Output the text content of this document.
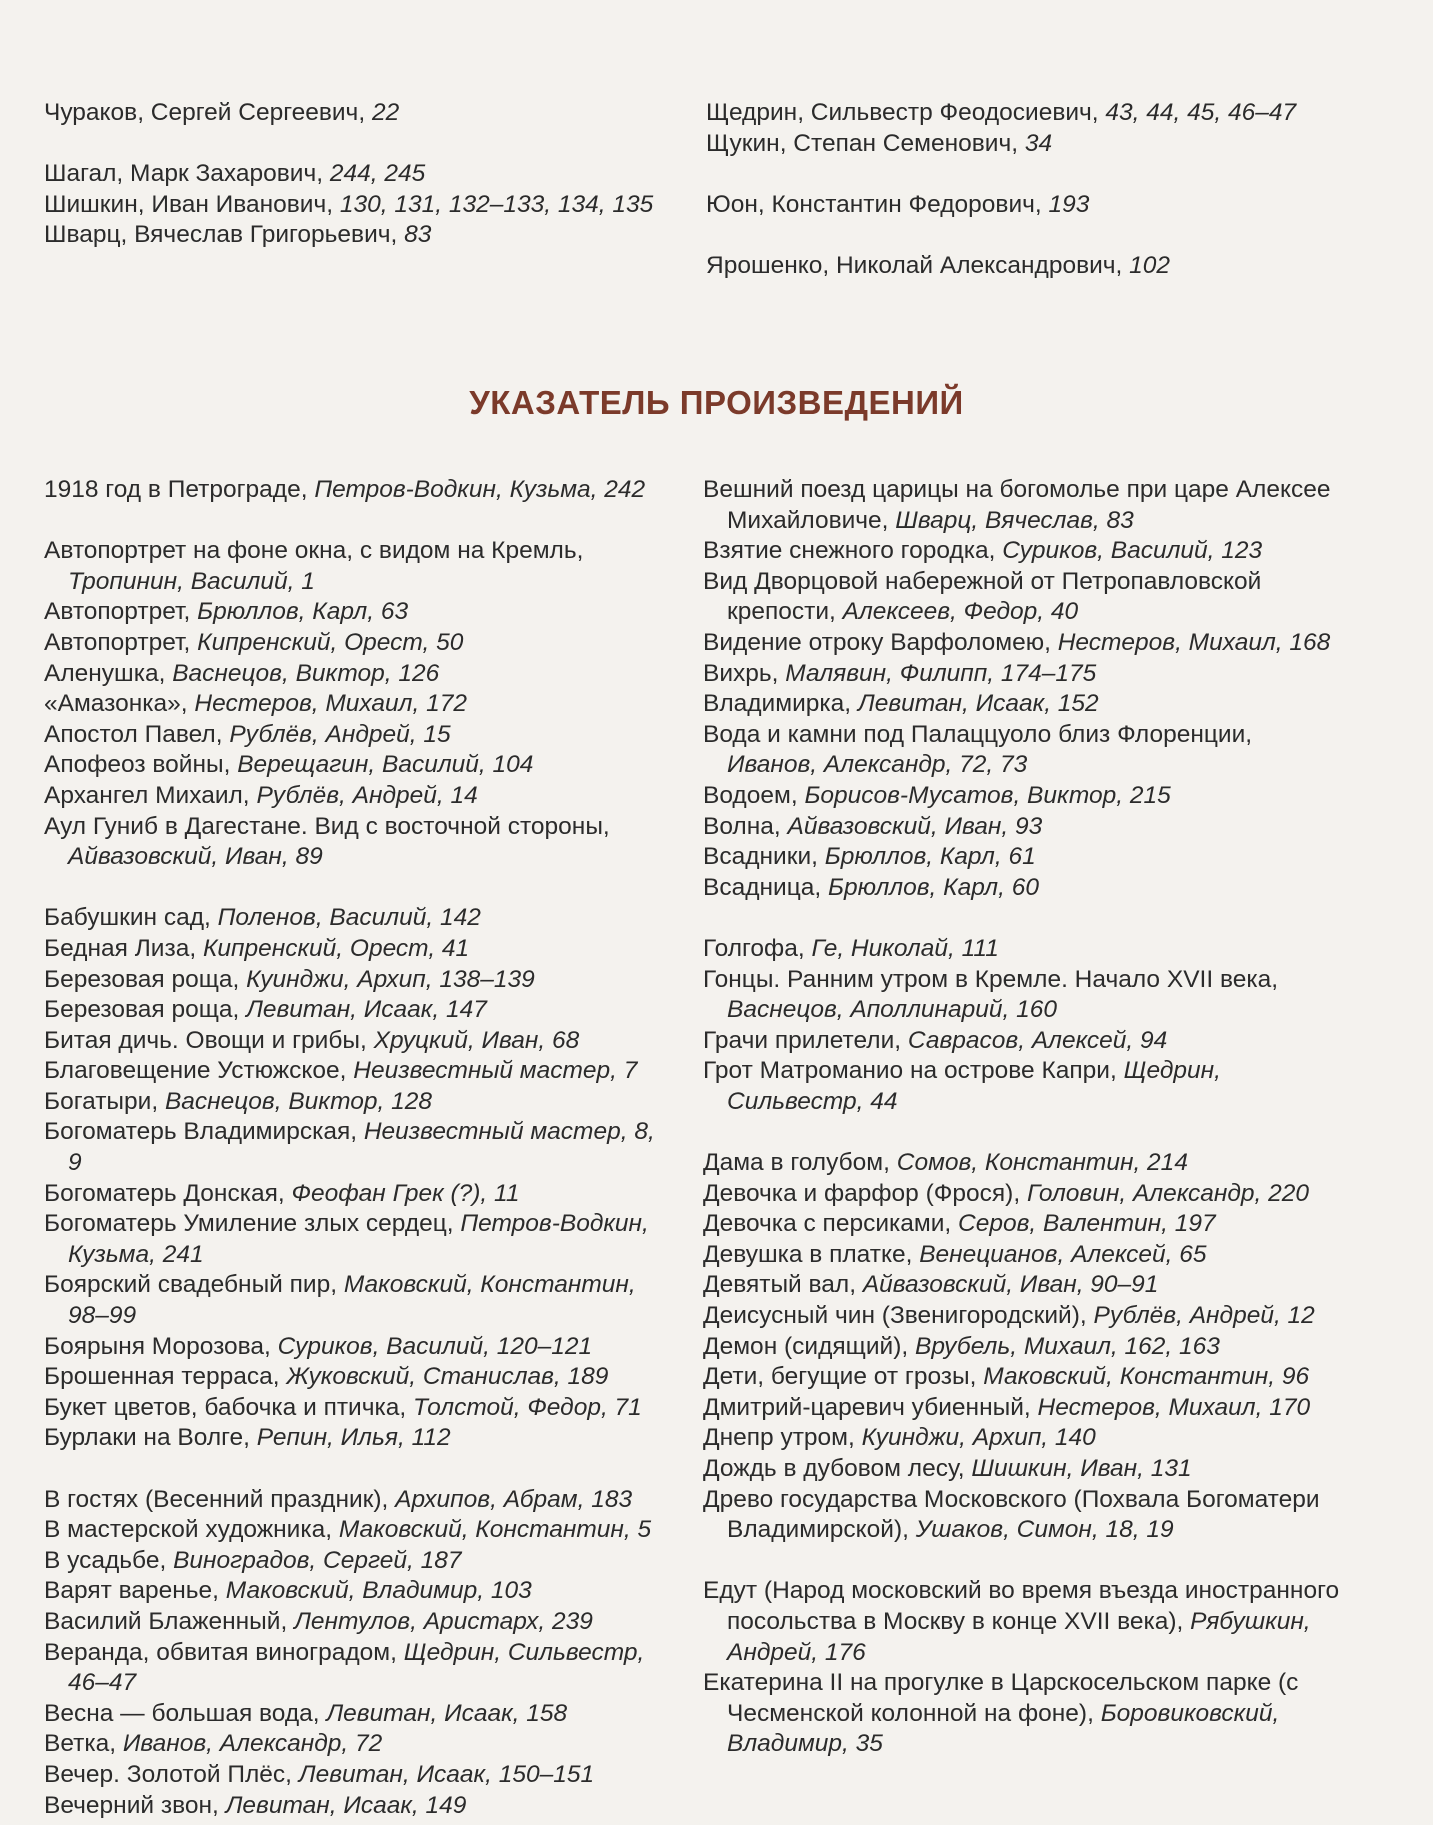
Чураков, Сергей Сергеевич, 22
Шагал, Марк Захарович, 244, 245
Шишкин, Иван Иванович, 130, 131, 132–133, 134, 135
Шварц, Вячеслав Григорьевич, 83
Щедрин, Сильвестр Феодосиевич, 43, 44, 45, 46–47
Щукин, Степан Семенович, 34
Юон, Константин Федорович, 193
Ярошенко, Николай Александрович, 102
УКАЗАТЕЛЬ ПРОИЗВЕДЕНИЙ
1918 год в Петрограде, Петров-Водкин, Кузьма, 242
Автопортрет на фоне окна, с видом на Кремль, Тропинин, Василий, 1
Автопортрет, Брюллов, Карл, 63
Автопортрет, Кипренский, Орест, 50
Аленушка, Васнецов, Виктор, 126
«Амазонка», Нестеров, Михаил, 172
Апостол Павел, Рублёв, Андрей, 15
Апофеоз войны, Верещагин, Василий, 104
Архангел Михаил, Рублёв, Андрей, 14
Аул Гуниб в Дагестане. Вид с восточной стороны, Айвазовский, Иван, 89
Бабушкин сад, Поленов, Василий, 142
Бедная Лиза, Кипренский, Орест, 41
Березовая роща, Куинджи, Архип, 138–139
Березовая роща, Левитан, Исаак, 147
Битая дичь. Овощи и грибы, Хруцкий, Иван, 68
Благовещение Устюжское, Неизвестный мастер, 7
Богатыри, Васнецов, Виктор, 128
Богоматерь Владимирская, Неизвестный мастер, 8, 9
Богоматерь Донская, Феофан Грек (?), 11
Богоматерь Умиление злых сердец, Петров-Водкин, Кузьма, 241
Боярский свадебный пир, Маковский, Константин, 98–99
Боярыня Морозова, Суриков, Василий, 120–121
Брошенная терраса, Жуковский, Станислав, 189
Букет цветов, бабочка и птичка, Толстой, Федор, 71
Бурлаки на Волге, Репин, Илья, 112
В гостях (Весенний праздник), Архипов, Абрам, 183
В мастерской художника, Маковский, Константин, 5
В усадьбе, Виноградов, Сергей, 187
Варят варенье, Маковский, Владимир, 103
Василий Блаженный, Лентулов, Аристарх, 239
Веранда, обвитая виноградом, Щедрин, Сильвестр, 46–47
Весна — большая вода, Левитан, Исаак, 158
Ветка, Иванов, Александр, 72
Вечер. Золотой Плёс, Левитан, Исаак, 150–151
Вечерний звон, Левитан, Исаак, 149
Вешний поезд царицы на богомолье при царе Алексее Михайловиче, Шварц, Вячеслав, 83
Взятие снежного городка, Суриков, Василий, 123
Вид Дворцовой набережной от Петропавловской крепости, Алексеев, Федор, 40
Видение отроку Варфоломею, Нестеров, Михаил, 168
Вихрь, Малявин, Филипп, 174–175
Владимирка, Левитан, Исаак, 152
Вода и камни под Палаццуоло близ Флоренции, Иванов, Александр, 72, 73
Водоем, Борисов-Мусатов, Виктор, 215
Волна, Айвазовский, Иван, 93
Всадники, Брюллов, Карл, 61
Всадница, Брюллов, Карл, 60
Голгофа, Ге, Николай, 111
Гонцы. Ранним утром в Кремле. Начало XVII века, Васнецов, Аполлинарий, 160
Грачи прилетели, Саврасов, Алексей, 94
Грот Матроманио на острове Капри, Щедрин, Сильвестр, 44
Дама в голубом, Сомов, Константин, 214
Девочка и фарфор (Фрося), Головин, Александр, 220
Девочка с персиками, Серов, Валентин, 197
Девушка в платке, Венецианов, Алексей, 65
Девятый вал, Айвазовский, Иван, 90–91
Деисусный чин (Звенигородский), Рублёв, Андрей, 12
Демон (сидящий), Врубель, Михаил, 162, 163
Дети, бегущие от грозы, Маковский, Константин, 96
Дмитрий-царевич убиенный, Нестеров, Михаил, 170
Днепр утром, Куинджи, Архип, 140
Дождь в дубовом лесу, Шишкин, Иван, 131
Древо государства Московского (Похвала Богоматери Владимирской), Ушаков, Симон, 18, 19
Едут (Народ московский во время въезда иностранного посольства в Москву в конце XVII века), Рябушкин, Андрей, 176
Екатерина II на прогулке в Царскосельском парке (с Чесменской колонной на фоне), Боровиковский, Владимир, 35
